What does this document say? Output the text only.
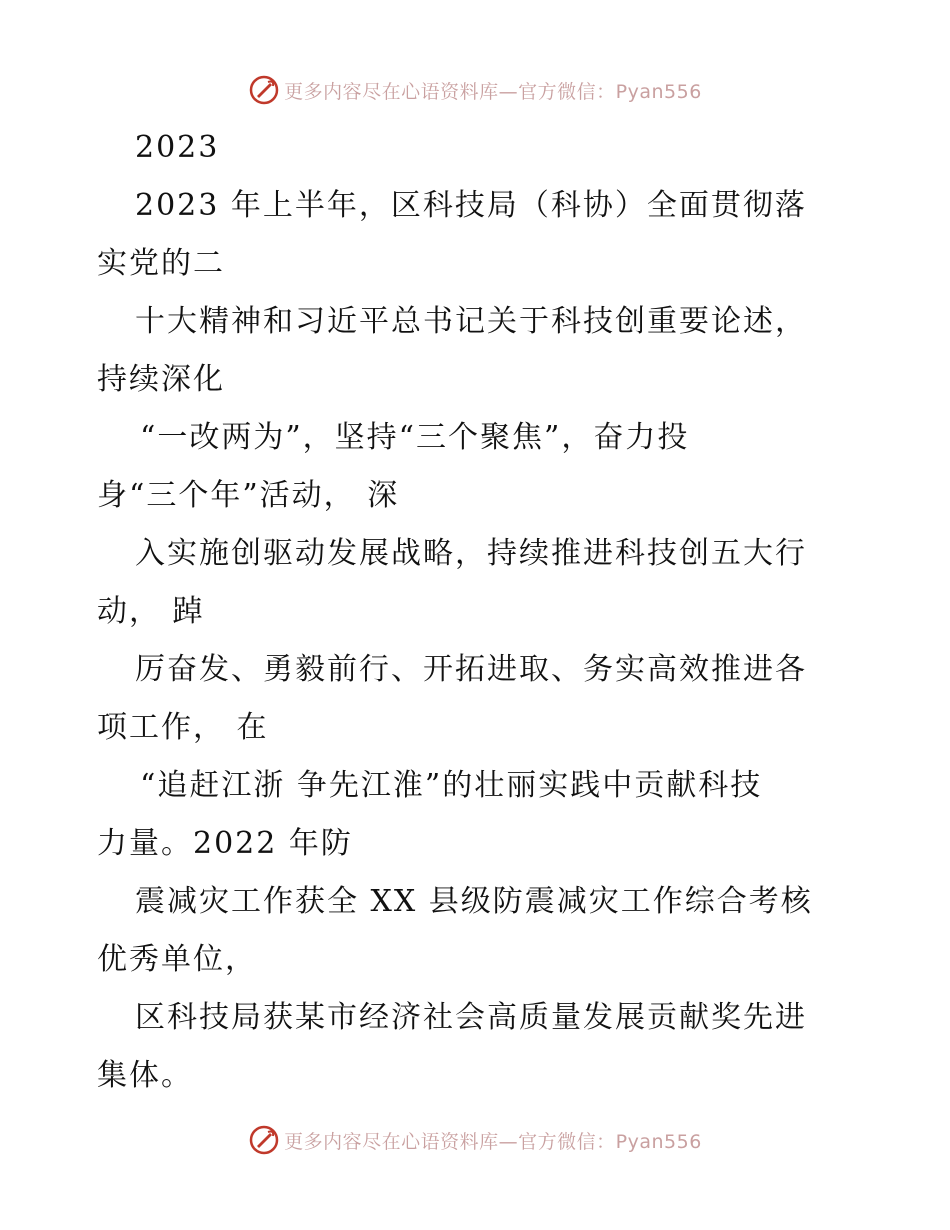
更多内容尽在心语资料库—官方微信：Pyan556
2023
2023 年上半年，区科技局（科协）全面贯彻落
实党的二
十大精神和习近平总书记关于科技创重要论述，
持续深化
“一改两为”，坚持“三个聚焦”，奋力投
身“三个年”活动， 深
入实施创驱动发展战略，持续推进科技创五大行
动， 踔
厉奋发、勇毅前行、开拓进取、务实高效推进各
项工作， 在
“追赶江浙 争先江淮”的壮丽实践中贡献科技
力量。2022 年防
震减灾工作获全 XX 县级防震减灾工作综合考核
优秀单位，
区科技局获某市经济社会高质量发展贡献奖先进
集体。
更多内容尽在心语资料库—官方微信：Pyan556
